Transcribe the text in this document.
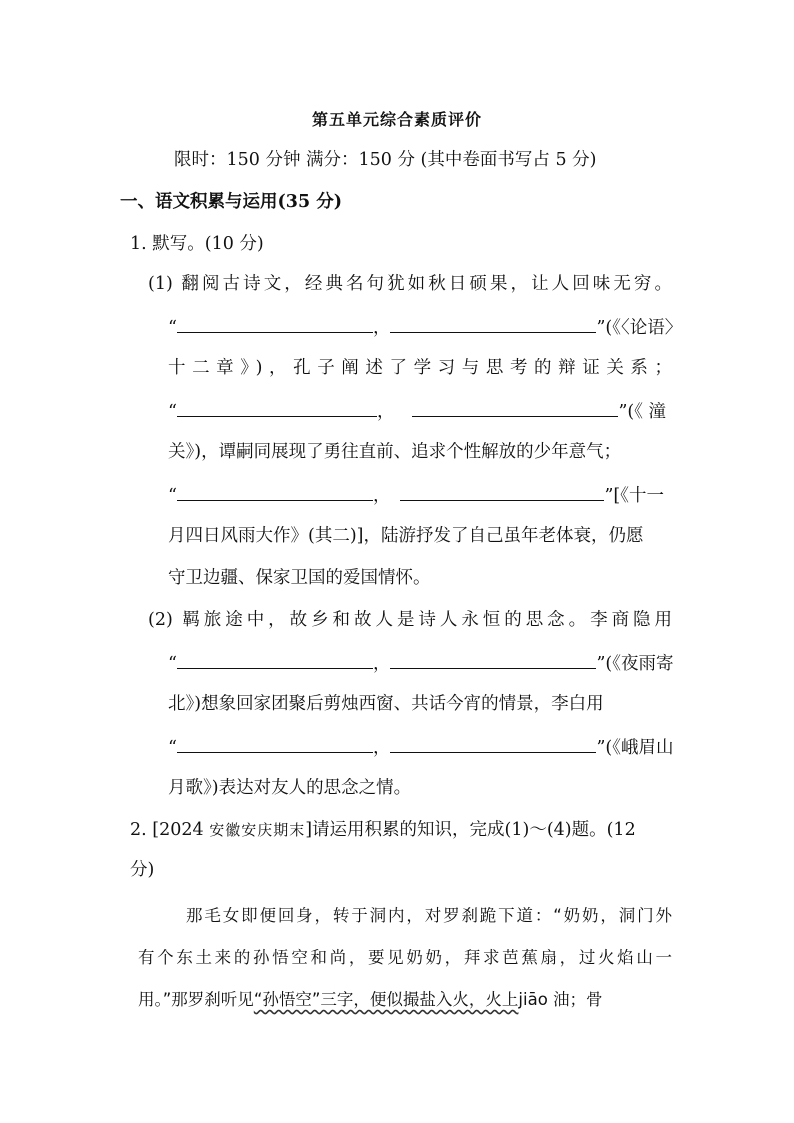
第五单元综合素质评价
限时：150 分钟 满分：150 分 (其中卷面书写占 5 分)
一、语文积累与运用(35 分)
1. 默写。(10 分)
(1) 翻阅古诗文，经典名句犹如秋日硕果，让人回味无穷。
“	，	”(《〈论语〉
十二章》)，孔子阐述了学习与思考的辩证关系；
“	，	”(《 潼
关》)，谭嗣同展现了勇往直前、追求个性解放的少年意气；
“	，	”[《十一
月四日风雨大作》(其二)]，陆游抒发了自己虽年老体衰，仍愿
守卫边疆、保家卫国的爱国情怀。
(2) 羁旅途中，故乡和故人是诗人永恒的思念。李商隐用
“	，	”(《夜雨寄
北》)想象回家团聚后剪烛西窗、共话今宵的情景，李白用
“	，	”(《峨眉山
月歌》)表达对友人的思念之情。
2. [2024 安徽安庆期末]请运用积累的知识，完成(1)～(4)题。(12
分)
那毛女即便回身，转于洞内，对罗刹跪下道：“奶奶，洞门外
有个东土来的孙悟空和尚，要见奶奶，拜求芭蕉扇，过火焰山一
用。”那罗刹听见“孙悟空”三字，便似撮盐入火，火上jiāo 油；骨
